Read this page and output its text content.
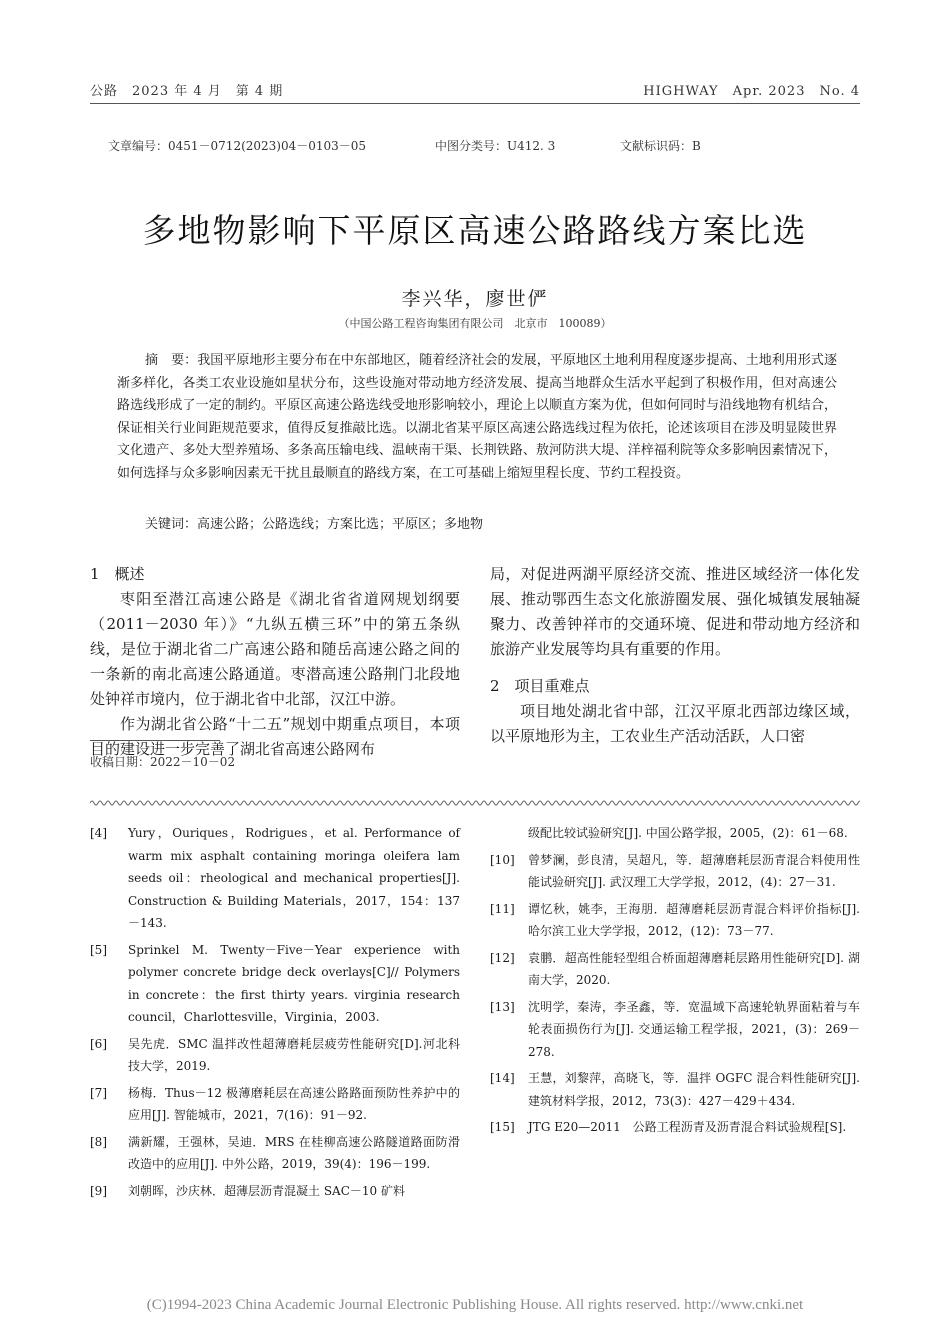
公路　2023 年 4 月　第 4 期	HIGHWAY　Apr. 2023　No. 4
文章编号：0451－0712(2023)04－0103－05	中图分类号：U412. 3	文献标识码：B
多地物影响下平原区高速公路路线方案比选
李兴华，廖世俨
（中国公路工程咨询集团有限公司　北京市　100089）
摘　要：我国平原地形主要分布在中东部地区，随着经济社会的发展，平原地区土地利用程度逐步提高、土地利用形式逐渐多样化，各类工农业设施如星状分布，这些设施对带动地方经济发展、提高当地群众生活水平起到了积极作用，但对高速公路选线形成了一定的制约。平原区高速公路选线受地形影响较小，理论上以顺直方案为优，但如何同时与沿线地物有机结合，保证相关行业间距规范要求，值得反复推敲比选。以湖北省某平原区高速公路选线过程为依托，论述该项目在涉及明显陵世界文化遗产、多处大型养殖场、多条高压输电线、温峡南干渠、长荆铁路、敖河防洪大堤、洋梓福利院等众多影响因素情况下，如何选择与众多影响因素无干扰且最顺直的路线方案，在工可基础上缩短里程长度、节约工程投资。
关键词：高速公路；公路选线；方案比选；平原区；多地物
1　概述

枣阳至潜江高速公路是《湖北省省道网规划纲要（2011－2030 年）》“九纵五横三环”中的第五条纵线，是位于湖北省二广高速公路和随岳高速公路之间的一条新的南北高速公路通道。枣潜高速公路荆门北段地处钟祥市境内，位于湖北省中北部，汉江中游。

作为湖北省公路“十二五”规划中期重点项目，本项目的建设进一步完善了湖北省高速公路网布

局，对促进两湖平原经济交流、推进区域经济一体化发展、推动鄂西生态文化旅游圈发展、强化城镇发展轴凝聚力、改善钟祥市的交通环境、促进和带动地方经济和旅游产业发展等均具有重要的作用。

2　项目重难点

项目地处湖北省中部，江汉平原北西部边缘区域，以平原地形为主，工农业生产活动活跃，人口密

收稿日期：2022－10－02
[4]	Yury，Ouriques，Rodrigues，et al. Performance of warm mix asphalt containing moringa oleifera lam seeds oil：rheological and mechanical properties[J]. Construction & Building Materials，2017，154：137－143.
[5]	Sprinkel M. Twenty－Five－Year experience with polymer concrete bridge deck overlays[C]// Polymers in concrete：the first thirty years. virginia research council，Charlottesville，Virginia，2003.
[6]	吴先虎．SMC 温拌改性超薄磨耗层疲劳性能研究[D].河北科技大学，2019.
[7]	杨梅．Thus－12 极薄磨耗层在高速公路路面预防性养护中的应用[J]. 智能城市，2021，7(16)：91－92.
[8]	满新耀，王强林，吴迪．MRS 在桂柳高速公路隧道路面防滑改造中的应用[J]. 中外公路，2019，39(4)：196－199.
[9]	刘朝晖，沙庆林．超薄层沥青混凝土 SAC－10 矿料
级配比较试验研究[J]. 中国公路学报，2005，(2)：61－68.
[10]	曾梦澜，彭良清，吴超凡，等．超薄磨耗层沥青混合料使用性能试验研究[J]. 武汉理工大学学报，2012，(4)：27－31.
[11]	谭忆秋，姚李，王海朋．超薄磨耗层沥青混合料评价指标[J]. 哈尔滨工业大学学报，2012，(12)：73－77.
[12]	袁鹏．超高性能轻型组合桥面超薄磨耗层路用性能研究[D]. 湖南大学，2020.
[13]	沈明学，秦涛，李圣鑫，等．宽温域下高速轮轨界面粘着与车轮表面损伤行为[J]. 交通运输工程学报，2021，(3)：269－278.
[14]	王慧，刘黎萍，高晓飞，等．温拌 OGFC 混合料性能研究[J]. 建筑材料学报，2012，73(3)：427－429＋434.
[15]	JTG E20—2011　公路工程沥青及沥青混合料试验规程[S].
(C)1994-2023 China Academic Journal Electronic Publishing House. All rights reserved. http://www.cnki.net
